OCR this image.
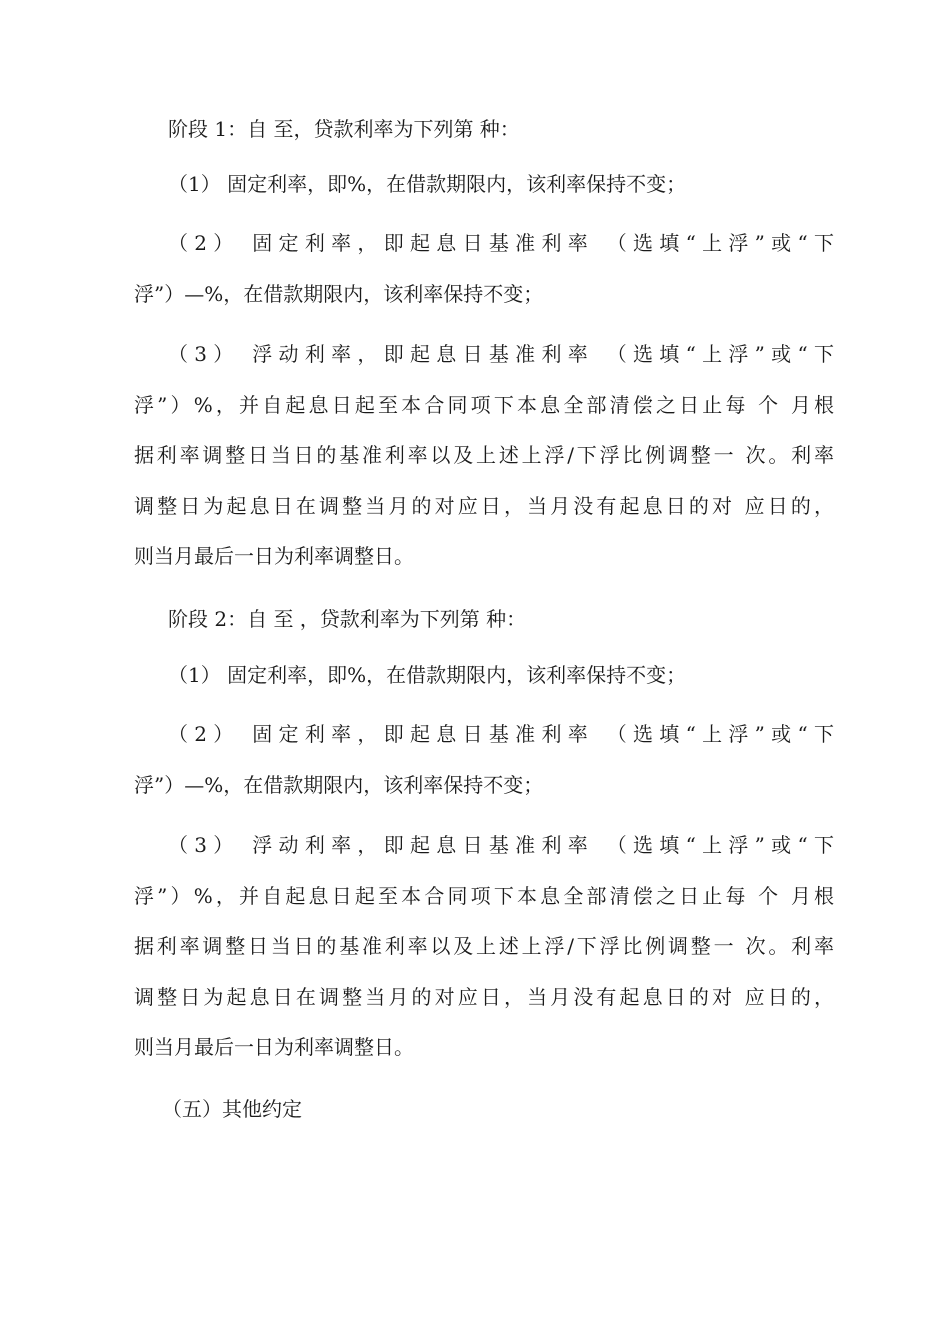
阶段 1：自 至，贷款利率为下列第 种：

（1） 固定利率，即%，在借款期限内，该利率保持不变；

（2） 固定利率，即起息日基准利率 （选填“上浮”或“下
浮”）—%，在借款期限内，该利率保持不变；

（3） 浮动利率，即起息日基准利率 （选填“上浮”或“下
浮”）%，并自起息日起至本合同项下本息全部清偿之日止每 个 月根
据利率调整日当日的基准利率以及上述上浮/下浮比例调整一 次。利率
调整日为起息日在调整当月的对应日，当月没有起息日的对 应日的，
则当月最后一日为利率调整日。

阶段 2：自 至 ，贷款利率为下列第 种：

（1） 固定利率，即%，在借款期限内，该利率保持不变；

（2） 固定利率，即起息日基准利率 （选填“上浮”或“下
浮”）—%，在借款期限内，该利率保持不变；

（3） 浮动利率，即起息日基准利率 （选填“上浮”或“下
浮”）%，并自起息日起至本合同项下本息全部清偿之日止每 个 月根
据利率调整日当日的基准利率以及上述上浮/下浮比例调整一 次。利率
调整日为起息日在调整当月的对应日，当月没有起息日的对 应日的，
则当月最后一日为利率调整日。

（五）其他约定
